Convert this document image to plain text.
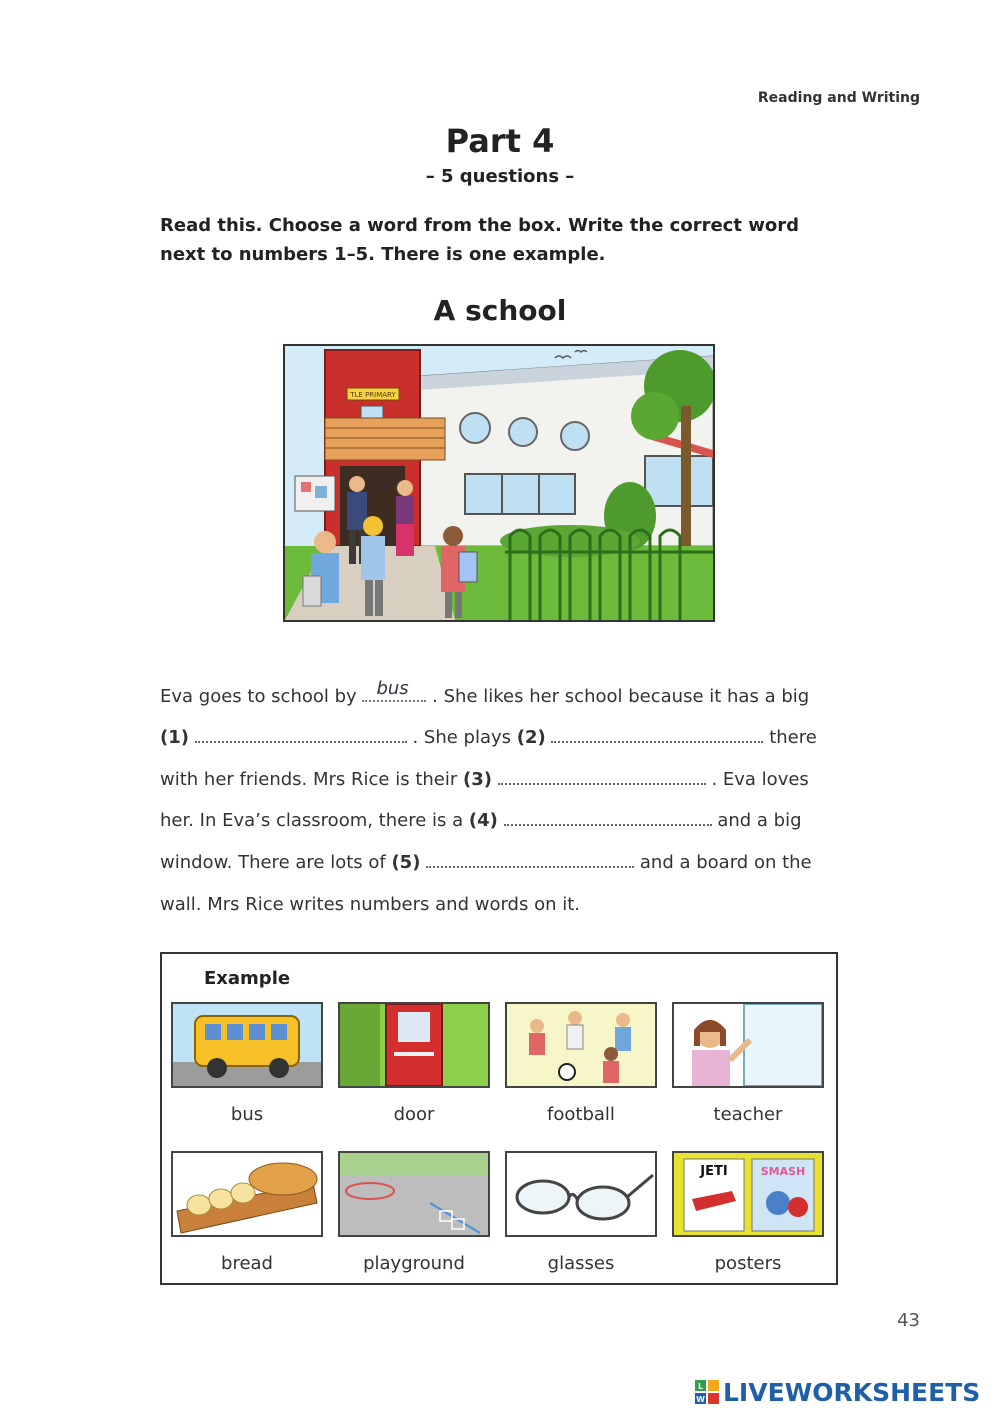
Reading and Writing
Part 4
– 5 questions –
Read this. Choose a word from the box. Write the correct word next to numbers 1–5. There is one example.
A school
TLE PRIMARY
Eva goes to school by bus . She likes her school because it has a big
(1)	. She plays (2)	there
with her friends. Mrs Rice is their (3)	. Eva loves
her. In Eva’s classroom, there is a (4)	and a big
window. There are lots of (5)	and a board on the
wall. Mrs Rice writes numbers and words on it.
Example
bus	door	football	teacher
JETI	SMASH
bread	playground	glasses	posters
43
L
W LIVEWORKSHEETS
